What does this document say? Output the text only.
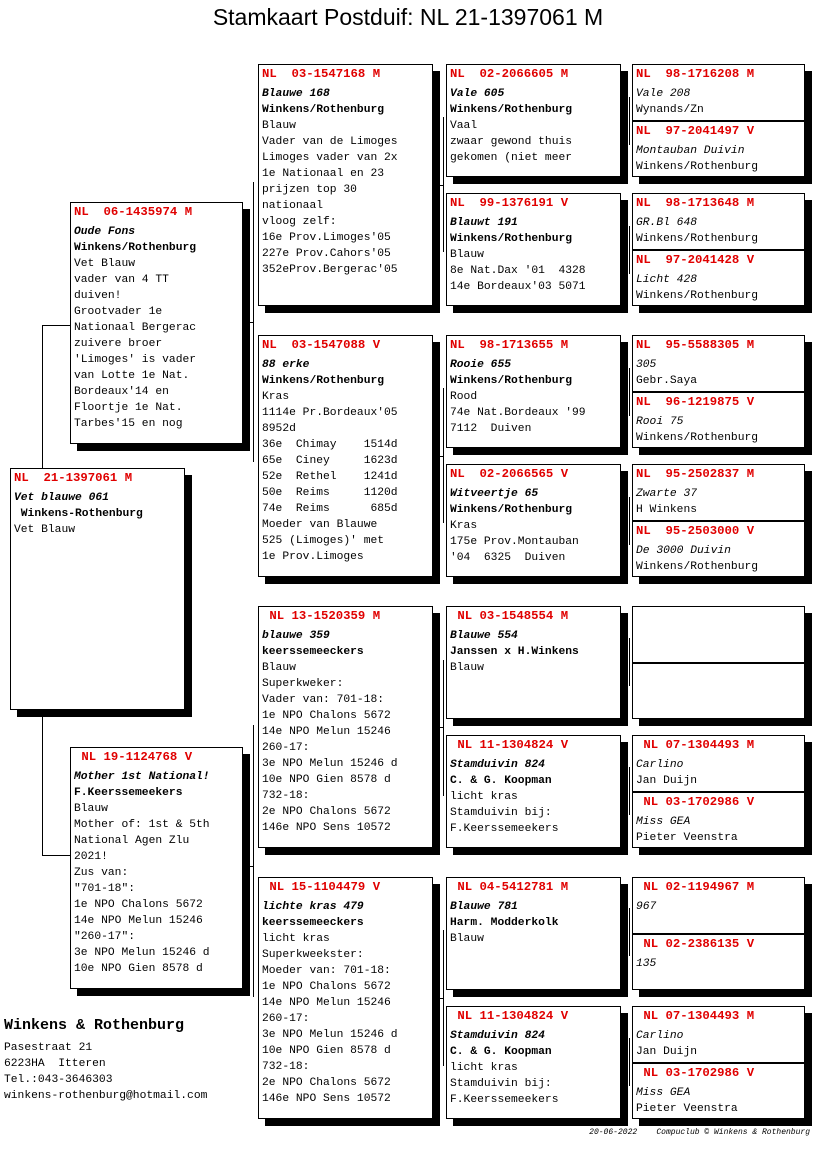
Stamkaart Postduif: NL 21-1397061 M
NL  21-1397061 M
Vet blauwe 061
Winkens-Rothenburg
Vet Blauw
NL  06-1435974 M
Oude Fons
Winkens/Rothenburg
Vet Blauw
vader van 4 TT
duiven!
Grootvader 1e
Nationaal Bergerac
zuivere broer
'Limoges' is vader
van Lotte 1e Nat.
Bordeaux'14 en
Floortje 1e Nat.
Tarbes'15 en nog
NL 19-1124768 V
Mother 1st National!
F.Keerssemeekers
Blauw
Mother of: 1st & 5th
National Agen Zlu
2021!
Zus van:
"701-18":
1e NPO Chalons 5672
14e NPO Melun 15246
"260-17":
3e NPO Melun 15246 d
10e NPO Gien 8578 d
NL  03-1547168 M
Blauwe 168
Winkens/Rothenburg
Blauw
Vader van de Limoges
Limoges vader van 2x
1e Nationaal en 23
prijzen top 30
nationaal
vloog zelf:
16e Prov.Limoges'05
227e Prov.Cahors'05
352eProv.Bergerac'05
NL  03-1547088 V
88 erke
Winkens/Rothenburg
Kras
1114e Pr.Bordeaux'05
8952d
36e  Chimay    1514d
65e  Ciney     1623d
52e  Rethel    1241d
50e  Reims     1120d
74e  Reims      685d
Moeder van Blauwe
525 (Limoges)' met
1e Prov.Limoges
NL 13-1520359 M
blauwe 359
keerssemeeckers
Blauw
Superkweker:
Vader van: 701-18:
1e NPO Chalons 5672
14e NPO Melun 15246
260-17:
3e NPO Melun 15246 d
10e NPO Gien 8578 d
732-18:
2e NPO Chalons 5672
146e NPO Sens 10572
NL 15-1104479 V
lichte kras 479
keerssemeeckers
licht kras
Superkweekster:
Moeder van: 701-18:
1e NPO Chalons 5672
14e NPO Melun 15246
260-17:
3e NPO Melun 15246 d
10e NPO Gien 8578 d
732-18:
2e NPO Chalons 5672
146e NPO Sens 10572
NL  02-2066605 M
Vale 605
Winkens/Rothenburg
Vaal
zwaar gewond thuis
gekomen (niet meer
NL  99-1376191 V
Blauwt 191
Winkens/Rothenburg
Blauw
8e Nat.Dax '01  4328
14e Bordeaux'03 5071
NL  98-1713655 M
Rooie 655
Winkens/Rothenburg
Rood
74e Nat.Bordeaux '99
7112  Duiven
NL  02-2066565 V
Witveertje 65
Winkens/Rothenburg
Kras
175e Prov.Montauban
'04  6325  Duiven
NL 03-1548554 M
Blauwe 554
Janssen x H.Winkens
Blauw
NL 11-1304824 V
Stamduivin 824
C. & G. Koopman
licht kras
Stamduivin bij:
F.Keerssemeekers
NL 04-5412781 M
Blauwe 781
Harm. Modderkolk
Blauw
NL 11-1304824 V
Stamduivin 824
C. & G. Koopman
licht kras
Stamduivin bij:
F.Keerssemeekers
NL  98-1716208 M
Vale 208
Wynands/Zn
NL  97-2041497 V
Montauban Duivin
Winkens/Rothenburg
NL  98-1713648 M
GR.Bl 648
Winkens/Rothenburg
NL  97-2041428 V
Licht 428
Winkens/Rothenburg
NL  95-5588305 M
305
Gebr.Saya
NL  96-1219875 V
Rooi 75
Winkens/Rothenburg
NL  95-2502837 M
Zwarte 37
H Winkens
NL  95-2503000 V
De 3000 Duivin
Winkens/Rothenburg
NL 07-1304493 M
Carlino
Jan Duijn
NL 03-1702986 V
Miss GEA
Pieter Veenstra
NL 02-1194967 M
967
NL 02-2386135 V
135
NL 07-1304493 M
Carlino
Jan Duijn
NL 03-1702986 V
Miss GEA
Pieter Veenstra
Winkens & Rothenburg
Pasestraat 21
6223HA  Itteren
Tel.:043-3646303
winkens-rothenburg@hotmail.com
20-06-2022    Compuclub © Winkens & Rothenburg
